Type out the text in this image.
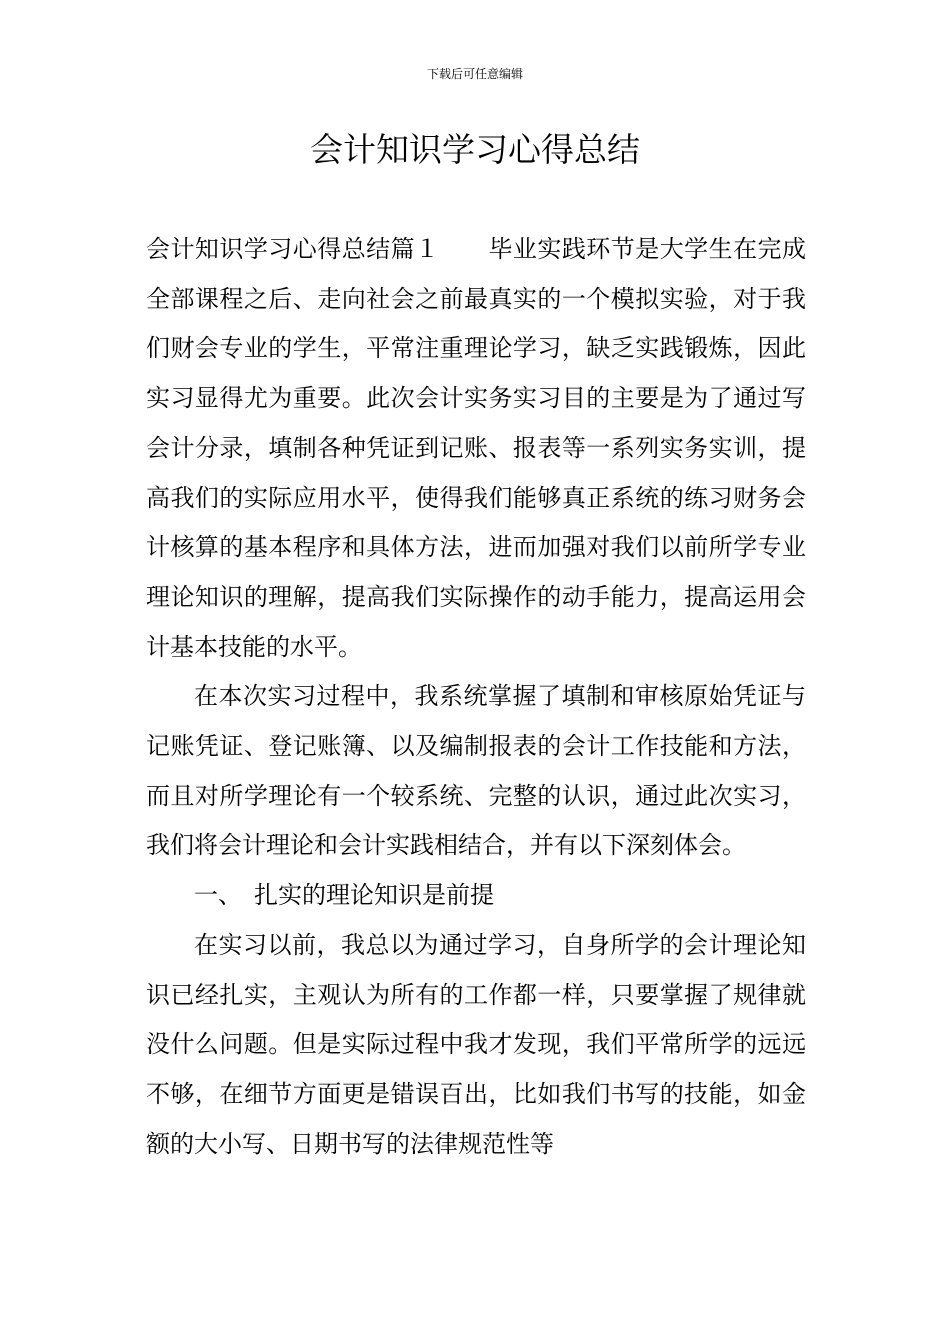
下载后可任意编辑
会计知识学习心得总结

会计知识学习心得总结篇１　　毕业实践环节是大学生在完成全部课程之后、走向社会之前最真实的一个模拟实验，对于我们财会专业的学生，平常注重理论学习，缺乏实践锻炼，因此实习显得尤为重要。此次会计实务实习目的主要是为了通过写会计分录，填制各种凭证到记账、报表等一系列实务实训，提高我们的实际应用水平，使得我们能够真正系统的练习财务会计核算的基本程序和具体方法，进而加强对我们以前所学专业理论知识的理解，提高我们实际操作的动手能力，提高运用会计基本技能的水平。

在本次实习过程中，我系统掌握了填制和审核原始凭证与记账凭证、登记账簿、以及编制报表的会计工作技能和方法，而且对所学理论有一个较系统、完整的认识，通过此次实习，我们将会计理论和会计实践相结合，并有以下深刻体会。

一、 扎实的理论知识是前提

在实习以前，我总以为通过学习，自身所学的会计理论知识已经扎实，主观认为所有的工作都一样，只要掌握了规律就没什么问题。但是实际过程中我才发现，我们平常所学的远远不够，在细节方面更是错误百出，比如我们书写的技能，如金额的大小写、日期书写的法律规范性等
